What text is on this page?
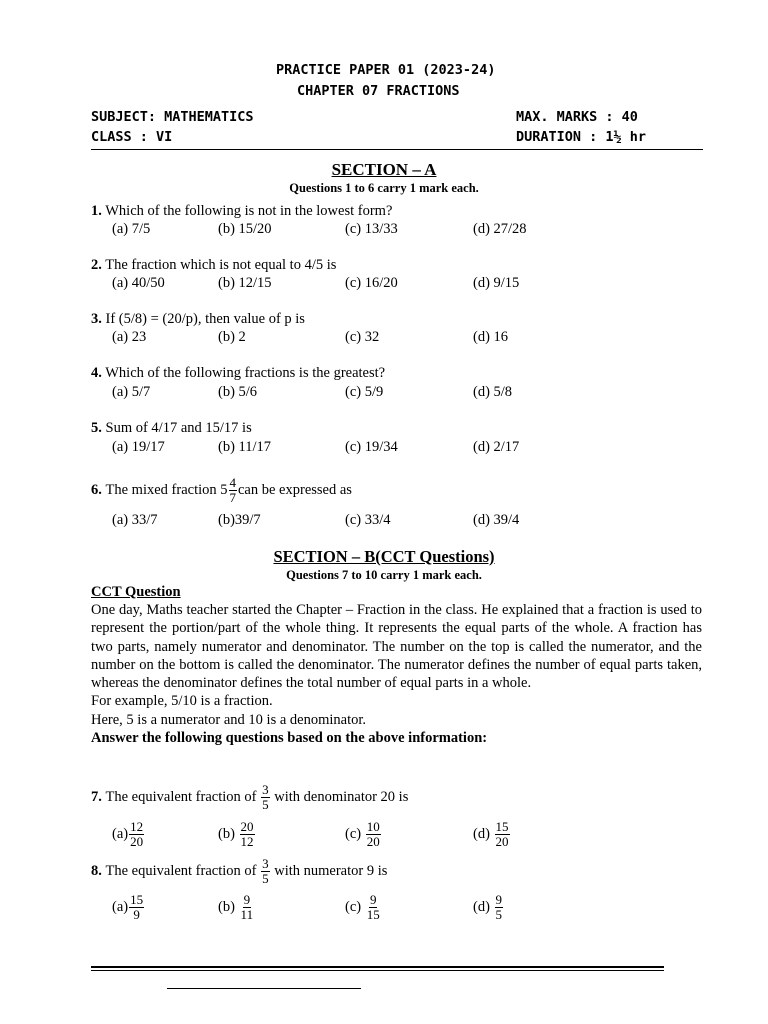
PRACTICE PAPER 01 (2023-24)
CHAPTER 07 FRACTIONS
SUBJECT: MATHEMATICS	MAX. MARKS : 40
CLASS : VI	DURATION : 1½ hr
SECTION – A
Questions 1 to 6 carry 1 mark each.
1. Which of the following is not in the lowest form?
(a) 7/5	(b) 15/20	(c) 13/33	(d) 27/28
2. The fraction which is not equal to 4/5 is
(a) 40/50	(b) 12/15	(c) 16/20	(d) 9/15
3. If (5/8) = (20/p), then value of p is
(a) 23	(b) 2	(c) 32	(d) 16
4. Which of the following fractions is the greatest?
(a) 5/7	(b) 5/6	(c) 5/9	(d) 5/8
5. Sum of 4/17 and 15/17 is
(a) 19/17	(b) 11/17	(c) 19/34	(d) 2/17
6.
The mixed fraction
$5 \frac{4}{7}$ can be expressed as
(a) 33/7	(b)39/7	(c) 33/4	(d) 39/4
SECTION – B(CCT Questions)
Questions 7 to 10 carry 1 mark each.
CCT Question

One day, Maths teacher started the Chapter – Fraction in the class. He explained that a fraction is used to represent the portion/part of the whole thing. It represents the equal parts of the whole. A fraction has two parts, namely numerator and denominator. The number on the top is called the numerator, and the number on the bottom is called the denominator. The numerator defines the number of equal parts taken, whereas the denominator defines the total number of equal parts in a whole.

For example, 5/10 is a fraction.

Here, 5 is a numerator and 10 is a denominator.

Answer the following questions based on the above information:

7.
The equivalent fraction of
$\frac{3}{5}$
with denominator 20 is
$(a) \frac{12}{20}$	(b)
$\frac{20}{12}$	(c)
$\frac{10}{20}$	(d)
$\frac{15}{20}$
8.
The equivalent fraction of
$\frac{3}{5}$
with numerator 9 is
$(a) \frac{15}{9}$	(b)
$\frac{9}{11}$	(c)
$\frac{9}{15}$	(d)
$\frac{9}{5}$
